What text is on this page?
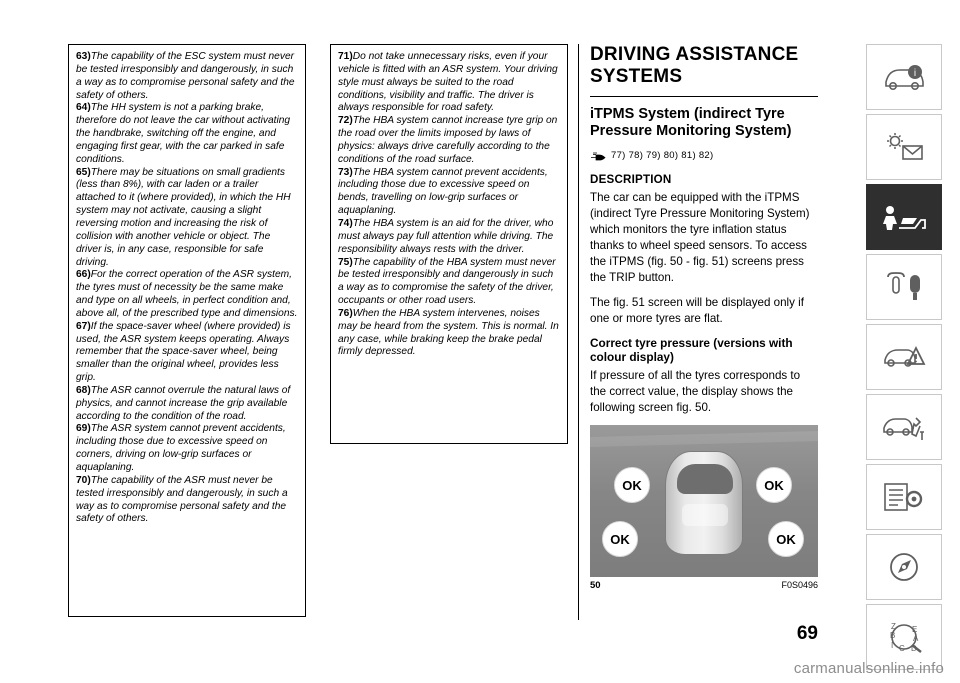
63)The capability of the ESC system must never be tested irresponsibly and dangerously, in such a way as to compromise personal safety and the safety of others.

64)The HH system is not a parking brake, therefore do not leave the car without activating the handbrake, switching off the engine, and engaging first gear, with the car parked in safe conditions.

65)There may be situations on small gradients (less than 8%), with car laden or a trailer attached to it (where provided), in which the HH system may not activate, causing a slight reversing motion and increasing the risk of collision with another vehicle or object. The driver is, in any case, responsible for safe driving.

66)For the correct operation of the ASR system, the tyres must of necessity be the same make and type on all wheels, in perfect condition and, above all, of the prescribed type and dimensions.

67)If the space-saver wheel (where provided) is used, the ASR system keeps operating. Always remember that the space-saver wheel, being smaller than the original wheel, provides less grip.

68)The ASR cannot overrule the natural laws of physics, and cannot increase the grip available according to the condition of the road.

69)The ASR system cannot prevent accidents, including those due to excessive speed on corners, driving on low-grip surfaces or aquaplaning.

70)The capability of the ASR must never be tested irresponsibly and dangerously, in such a way as to compromise personal safety and the safety of others.

71)Do not take unnecessary risks, even if your vehicle is fitted with an ASR system. Your driving style must always be suited to the road conditions, visibility and traffic. The driver is always responsible for road safety.

72)The HBA system cannot increase tyre grip on the road over the limits imposed by laws of physics: always drive carefully according to the conditions of the road surface.

73)The HBA system cannot prevent accidents, including those due to excessive speed on bends, travelling on low-grip surfaces or aquaplaning.

74)The HBA system is an aid for the driver, who must always pay full attention while driving. The responsibility always rests with the driver.

75)The capability of the HBA system must never be tested irresponsibly and dangerously in such a way as to compromise the safety of the driver, occupants or other road users.

76)When the HBA system intervenes, noises may be heard from the system. This is normal. In any case, while braking keep the brake pedal firmly depressed.

DRIVING ASSISTANCE SYSTEMS
iTPMS System (indirect Tyre Pressure Monitoring System)
77) 78) 79) 80) 81) 82)
DESCRIPTION

The car can be equipped with the iTPMS (indirect Tyre Pressure Monitoring System) which monitors the tyre inflation status thanks to wheel speed sensors. To access the iTPMS (fig. 50 - fig. 51) screens press the TRIP button.

The fig. 51 screen will be displayed only if one or more tyres are flat.

Correct tyre pressure (versions with colour display)

If pressure of all the tyres corresponds to the correct value, the display shows the following screen fig. 50.

OK	OK
OK	OK
50	F0S0496
69
i
Z
B
I C
E
A
D
carmanualsonline.info
